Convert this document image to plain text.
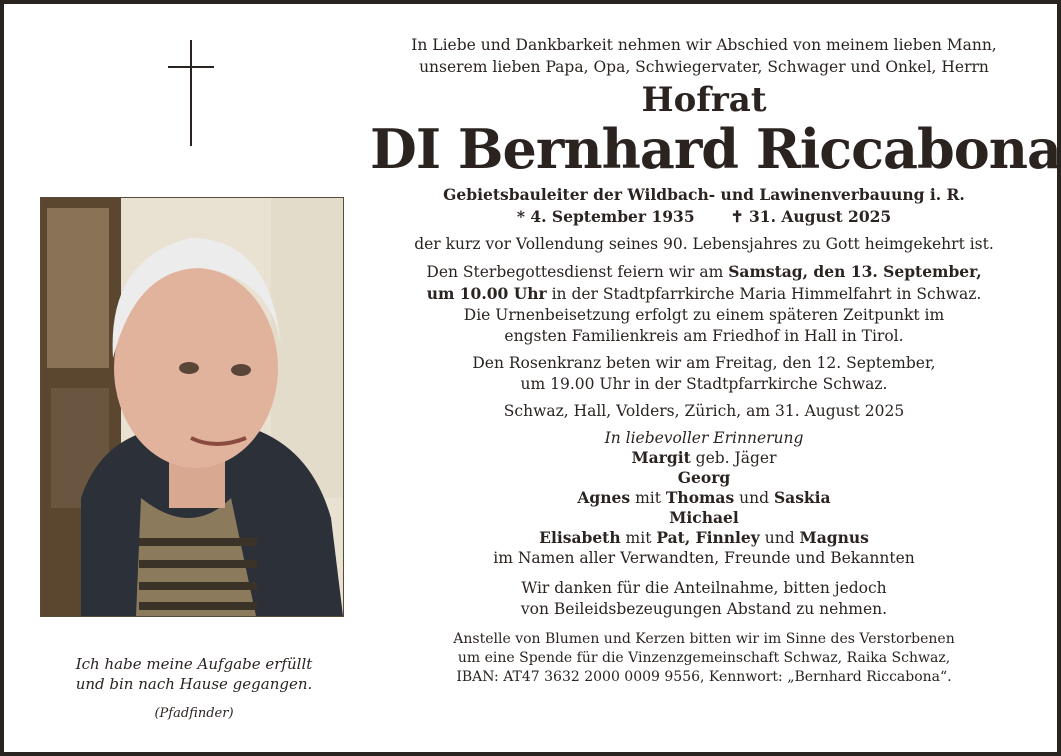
Ich habe meine Aufgabe erfüllt
und bin nach Hause gegangen.
(Pfadfinder)
In Liebe und Dankbarkeit nehmen wir Abschied von meinem lieben Mann,
unserem lieben Papa, Opa, Schwiegervater, Schwager und Onkel, Herrn
Hofrat
DI Bernhard Riccabona
Gebietsbauleiter der Wildbach- und Lawinenverbauung i. R.
* 4. September 1935 ✝ 31. August 2025
der kurz vor Vollendung seines 90. Lebensjahres zu Gott heimgekehrt ist.
Den Sterbegottesdienst feiern wir am Samstag, den 13. September,
um 10.00 Uhr in der Stadtpfarrkirche Maria Himmelfahrt in Schwaz.
Die Urnenbeisetzung erfolgt zu einem späteren Zeitpunkt im
engsten Familienkreis am Friedhof in Hall in Tirol.
Den Rosenkranz beten wir am Freitag, den 12. September,
um 19.00 Uhr in der Stadtpfarrkirche Schwaz.
Schwaz, Hall, Volders, Zürich, am 31. August 2025
In liebevoller Erinnerung
Margit geb. Jäger
Georg
Agnes mit Thomas und Saskia
Michael
Elisabeth mit Pat, Finnley und Magnus
im Namen aller Verwandten, Freunde und Bekannten
Wir danken für die Anteilnahme, bitten jedoch
von Beileidsbezeugungen Abstand zu nehmen.
Anstelle von Blumen und Kerzen bitten wir im Sinne des Verstorbenen
um eine Spende für die Vinzenzgemeinschaft Schwaz, Raika Schwaz,
IBAN: AT47 3632 2000 0009 9556, Kennwort: „Bernhard Riccabona“.
